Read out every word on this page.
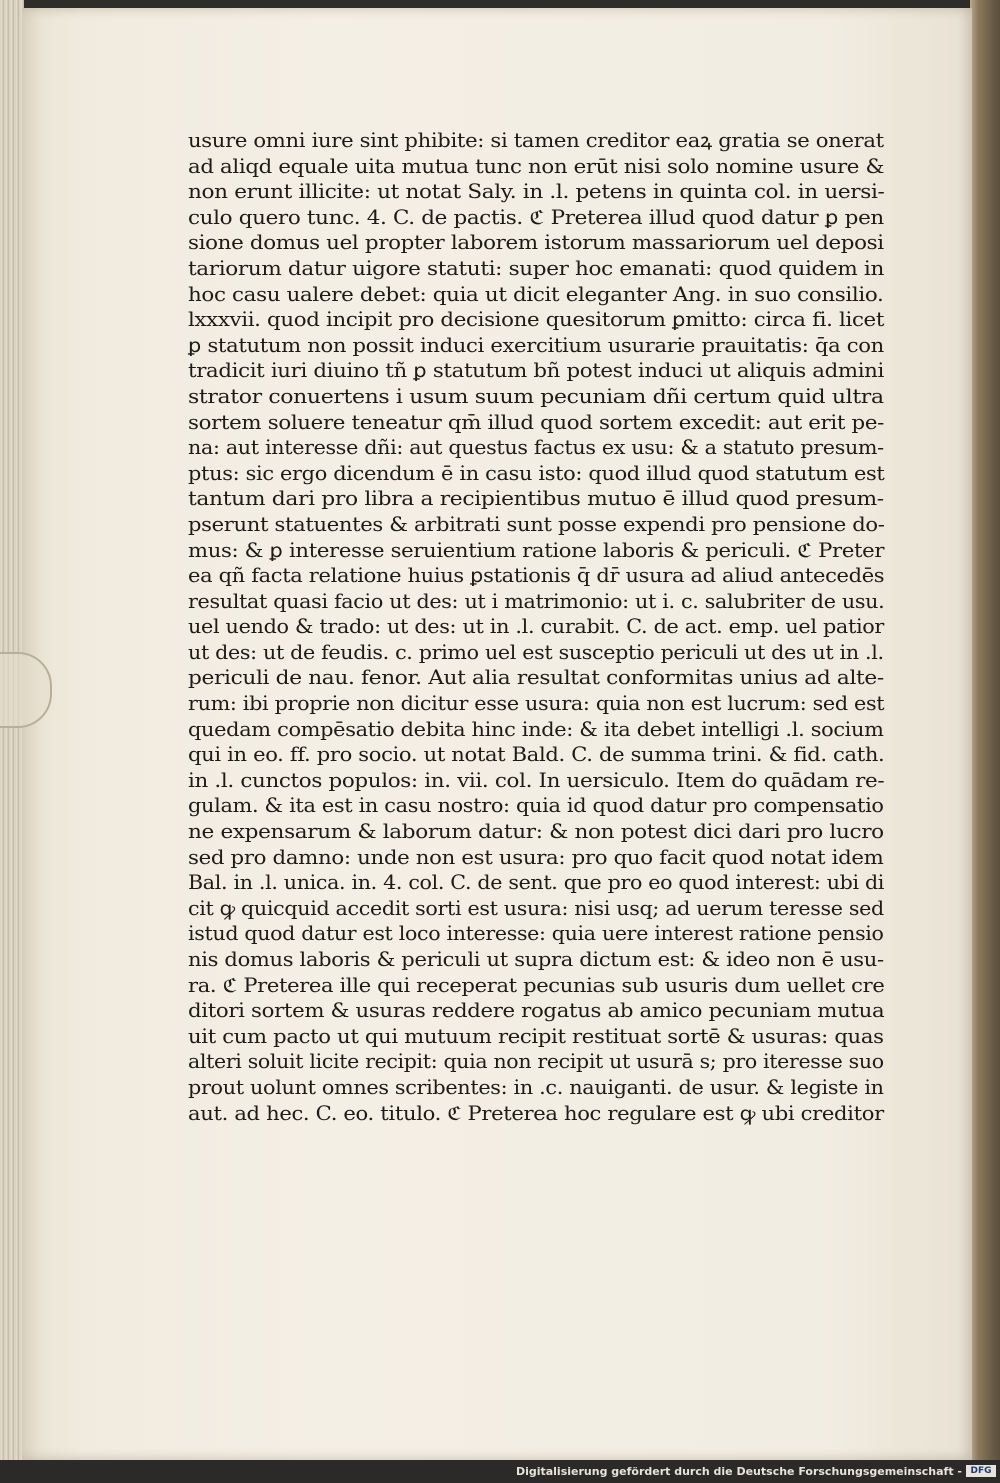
usure omni iure sint phibite: si tamen creditor eaꝝ gratia se onerat
ad aliqd equale uita mutua tunc non erūt nisi solo nomine usure &
non erunt illicite: ut notat Saly. in .l. petens in quinta col. in uersi-
culo quero tunc. 4. C. de pactis. ℭ Preterea illud quod datur ꝑ pen
sione domus uel propter laborem istorum massariorum uel deposi
tariorum datur uigore statuti: super hoc emanati: quod quidem in
hoc casu ualere debet: quia ut dicit eleganter Ang. in suo consilio.
lxxxvii. quod incipit pro decisione quesitorum ꝑmitto: circa fi. licet
ꝑ statutum non possit induci exercitium usurarie prauitatis: q̄a con
tradicit iuri diuino tñ ꝑ statutum bñ potest induci ut aliquis admini
strator conuertens i usum suum pecuniam dñi certum quid ultra
sortem soluere teneatur qm̄ illud quod sortem excedit: aut erit pe-
na: aut interesse dñi: aut questus factus ex usu: & a statuto presum-
ptus: sic ergo dicendum ē in casu isto: quod illud quod statutum est
tantum dari pro libra a recipientibus mutuo ē illud quod presum-
pserunt statuentes & arbitrati sunt posse expendi pro pensione do-
mus: & ꝑ interesse seruientium ratione laboris & periculi. ℭ Preter
ea qñ facta relatione huius ꝑstationis q̄ dr̄ usura ad aliud antecedēs
resultat quasi facio ut des: ut i matrimonio: ut i. c. salubriter de usu.
uel uendo & trado: ut des: ut in .l. curabit. C. de act. emp. uel patior
ut des: ut de feudis. c. primo uel est susceptio periculi ut des ut in .l.
periculi de nau. fenor. Aut alia resultat conformitas unius ad alte-
rum: ibi proprie non dicitur esse usura: quia non est lucrum: sed est
quedam compēsatio debita hinc inde: & ita debet intelligi .l. socium
qui in eo. ff. pro socio. ut notat Bald. C. de summa trini. & fid. cath.
in .l. cunctos populos: in. vii. col. In uersiculo. Item do quādam re-
gulam. & ita est in casu nostro: quia id quod datur pro compensatio
ne expensarum & laborum datur: & non potest dici dari pro lucro
sed pro damno: unde non est usura: pro quo facit quod notat idem
Bal. in .l. unica. in. 4. col. C. de sent. que pro eo quod interest: ubi di
cit ꝙ quicquid accedit sorti est usura: nisi usq; ad uerum teresse sed
istud quod datur est loco interesse: quia uere interest ratione pensio
nis domus laboris & periculi ut supra dictum est: & ideo non ē usu-
ra. ℭ Preterea ille qui receperat pecunias sub usuris dum uellet cre
ditori sortem & usuras reddere rogatus ab amico pecuniam mutua
uit cum pacto ut qui mutuum recipit restituat sortē & usuras: quas
alteri soluit licite recipit: quia non recipit ut usurā s; pro iteresse suo
prout uolunt omnes scribentes: in .c. nauiganti. de usur. & legiste in
aut. ad hec. C. eo. titulo. ℭ Preterea hoc regulare est ꝙ ubi creditor
Digitalisierung gefördert durch die Deutsche Forschungsgemeinschaft - DFG
